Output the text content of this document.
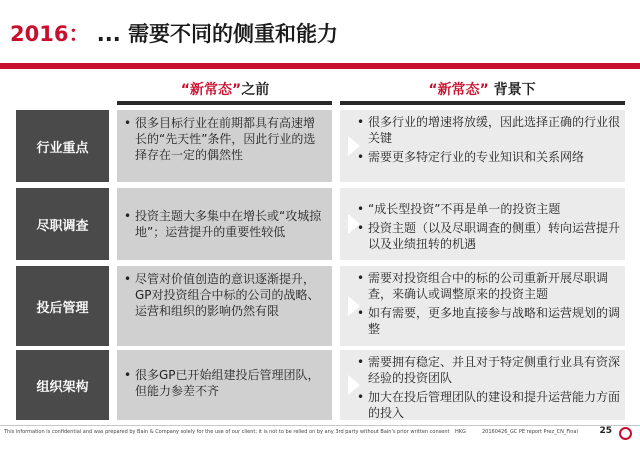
2016： ... 需要不同的侧重和能力
“新常态”之前	“新常态” 背景下
行业重点
• 很多目标行业在前期都具有高速增长的“先天性”条件，因此行业的选择存在一定的偶然性
• 很多行业的增速将放缓，因此选择正确的行业很关键
• 需要更多特定行业的专业知识和关系网络
尽职调查
• 投资主题大多集中在增长或“攻城掠地”；运营提升的重要性较低
• “成长型投资”不再是单一的投资主题
• 投资主题（以及尽职调查的侧重）转向运营提升以及业绩扭转的机遇
投后管理
• 尽管对价值创造的意识逐渐提升，GP对投资组合中标的公司的战略、运营和组织的影响仍然有限
• 需要对投资组合中的标的公司重新开展尽职调查，来确认或调整原来的投资主题
• 如有需要，更多地直接参与战略和运营规划的调整
组织架构
• 很多GP已开始组建投后管理团队，但能力参差不齐
• 需要拥有稳定、并且对于特定侧重行业具有资深经验的投资团队
• 加大在投后管理团队的建设和提升运营能力方面的投入
This information is confidential and was prepared by Bain & Company solely for the use of our client; it is not to be relied on by any 3rd party without Bain's prior written consent HKG	20160426_GC PE report Prez_CN_Final 25
